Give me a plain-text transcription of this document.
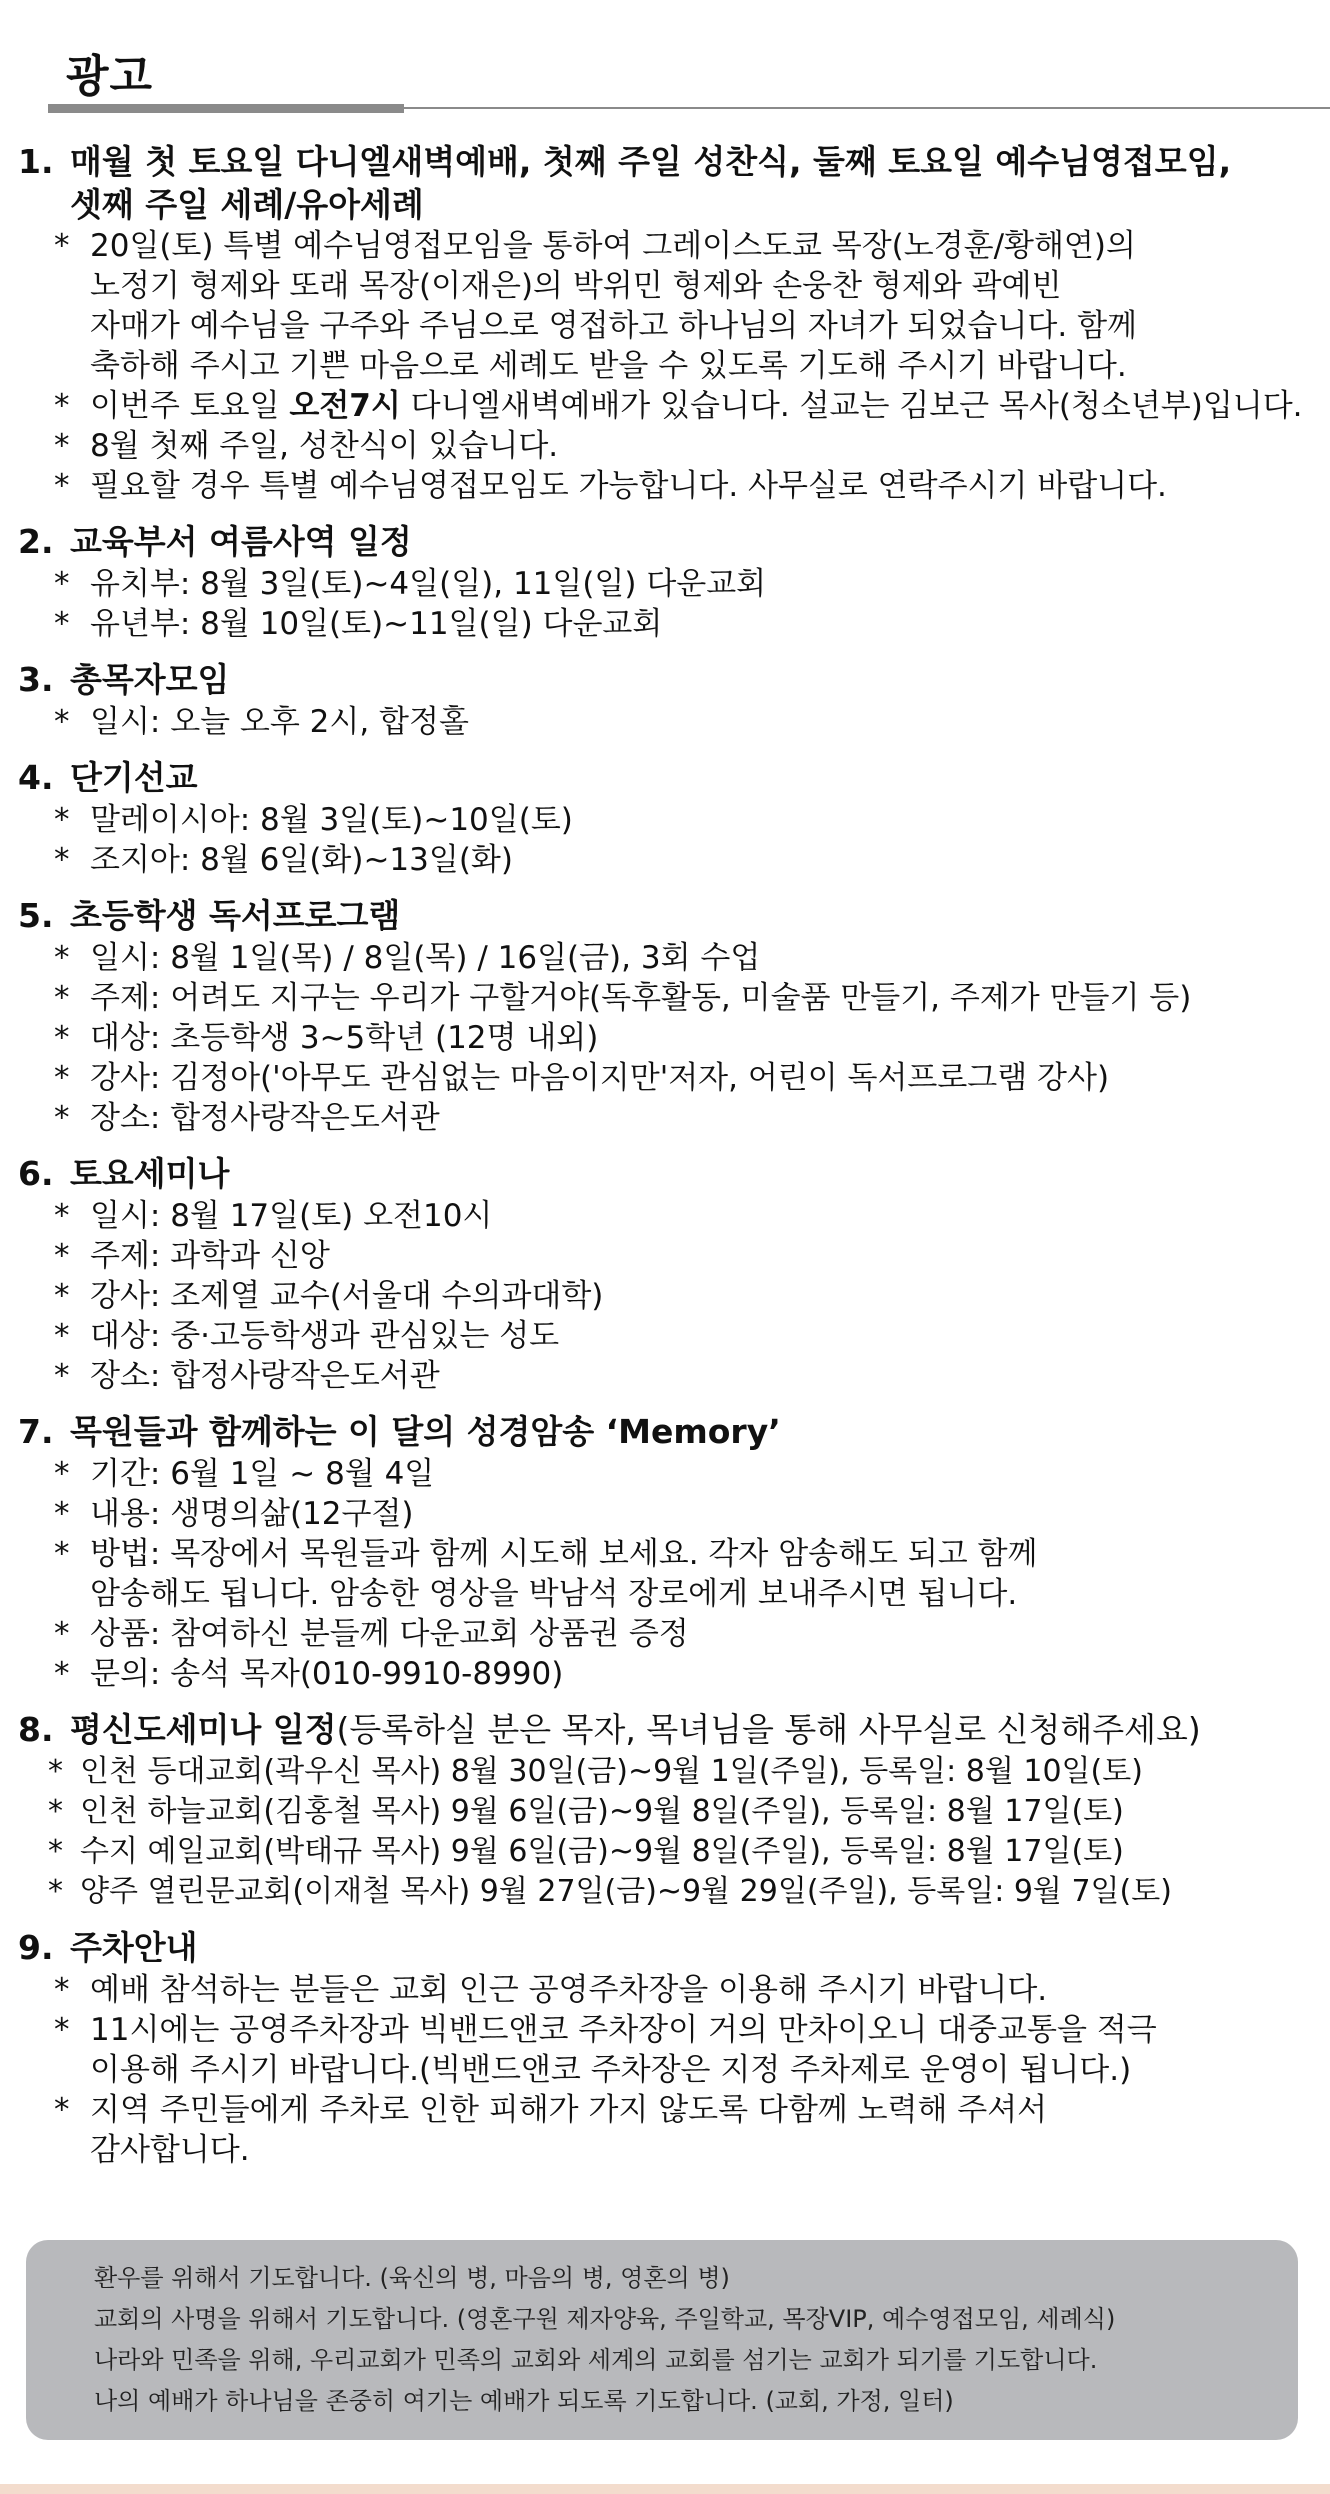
광고
1. 매월 첫 토요일 다니엘새벽예배, 첫째 주일 성찬식, 둘째 토요일 예수님영접모임,
셋째 주일 세례/유아세례
* 20일(토) 특별 예수님영접모임을 통하여 그레이스도쿄 목장(노경훈/황해연)의
노정기 형제와 또래 목장(이재은)의 박위민 형제와 손웅찬 형제와 곽예빈
자매가 예수님을 구주와 주님으로 영접하고 하나님의 자녀가 되었습니다. 함께
축하해 주시고 기쁜 마음으로 세례도 받을 수 있도록 기도해 주시기 바랍니다.
* 이번주 토요일 오전7시 다니엘새벽예배가 있습니다. 설교는 김보근 목사(청소년부)입니다.
* 8월 첫째 주일, 성찬식이 있습니다.
* 필요할 경우 특별 예수님영접모임도 가능합니다. 사무실로 연락주시기 바랍니다.
2. 교육부서 여름사역 일정
* 유치부: 8월 3일(토)~4일(일), 11일(일) 다운교회
* 유년부: 8월 10일(토)~11일(일) 다운교회
3. 총목자모임
* 일시: 오늘 오후 2시, 합정홀
4. 단기선교
* 말레이시아: 8월 3일(토)~10일(토)
* 조지아: 8월 6일(화)~13일(화)
5. 초등학생 독서프로그램
* 일시: 8월 1일(목) / 8일(목) / 16일(금), 3회 수업
* 주제: 어려도 지구는 우리가 구할거야(독후활동, 미술품 만들기, 주제가 만들기 등)
* 대상: 초등학생 3~5학년 (12명 내외)
* 강사: 김정아('아무도 관심없는 마음이지만'저자, 어린이 독서프로그램 강사)
* 장소: 합정사랑작은도서관
6. 토요세미나
* 일시: 8월 17일(토) 오전10시
* 주제: 과학과 신앙
* 강사: 조제열 교수(서울대 수의과대학)
* 대상: 중·고등학생과 관심있는 성도
* 장소: 합정사랑작은도서관
7. 목원들과 함께하는 이 달의 성경암송 ‘Memory’
* 기간: 6월 1일 ~ 8월 4일
* 내용: 생명의삶(12구절)
* 방법: 목장에서 목원들과 함께 시도해 보세요. 각자 암송해도 되고 함께
암송해도 됩니다. 암송한 영상을 박남석 장로에게 보내주시면 됩니다.
* 상품: 참여하신 분들께 다운교회 상품권 증정
* 문의: 송석 목자(010-9910-8990)
8. 평신도세미나 일정(등록하실 분은 목자, 목녀님을 통해 사무실로 신청해주세요)
* 인천 등대교회(곽우신 목사) 8월 30일(금)~9월 1일(주일), 등록일: 8월 10일(토)
* 인천 하늘교회(김홍철 목사) 9월 6일(금)~9월 8일(주일), 등록일: 8월 17일(토)
* 수지 예일교회(박태규 목사) 9월 6일(금)~9월 8일(주일), 등록일: 8월 17일(토)
* 양주 열린문교회(이재철 목사) 9월 27일(금)~9월 29일(주일), 등록일: 9월 7일(토)
9. 주차안내
* 예배 참석하는 분들은 교회 인근 공영주차장을 이용해 주시기 바랍니다.
* 11시에는 공영주차장과 빅밴드앤코 주차장이 거의 만차이오니 대중교통을 적극
이용해 주시기 바랍니다.(빅밴드앤코 주차장은 지정 주차제로 운영이 됩니다.)
* 지역 주민들에게 주차로 인한 피해가 가지 않도록 다함께 노력해 주셔서
감사합니다.
환우를 위해서 기도합니다. (육신의 병, 마음의 병, 영혼의 병)
교회의 사명을 위해서 기도합니다. (영혼구원 제자양육, 주일학교, 목장VIP, 예수영접모임, 세례식)
나라와 민족을 위해, 우리교회가 민족의 교회와 세계의 교회를 섬기는 교회가 되기를 기도합니다.
나의 예배가 하나님을 존중히 여기는 예배가 되도록 기도합니다. (교회, 가정, 일터)
